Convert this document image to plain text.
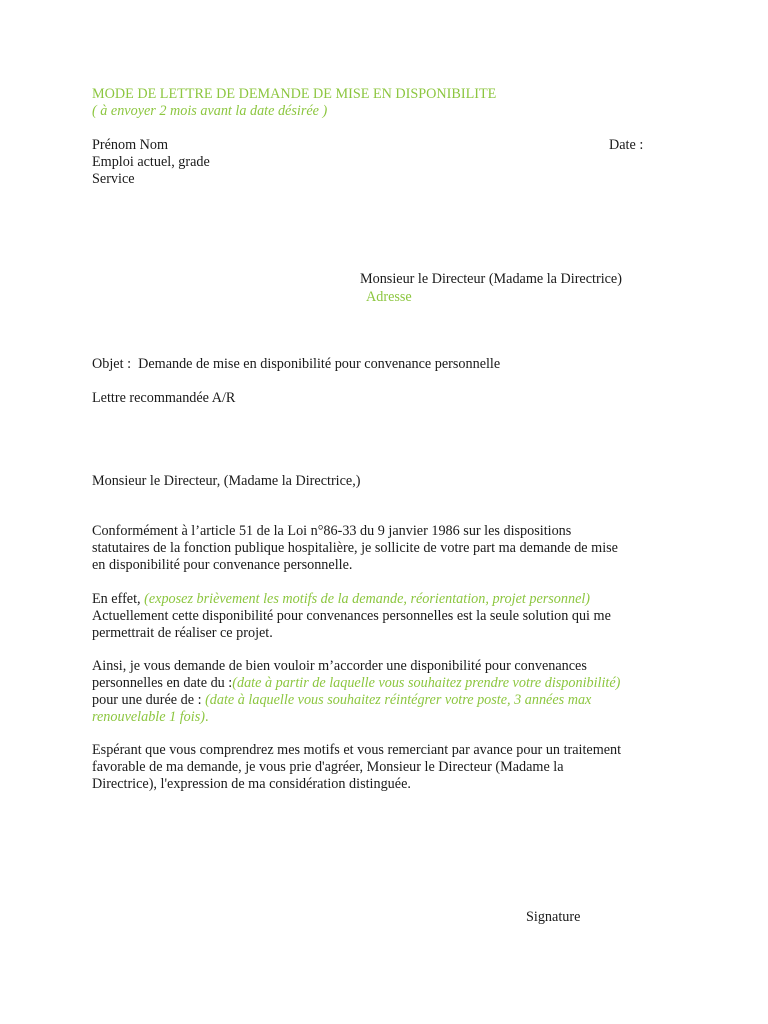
MODE DE LETTRE DE DEMANDE DE MISE EN DISPONIBILITE
( à envoyer 2 mois avant la date désirée )
Prénom Nom
Emploi actuel, grade
Service
Date :
Monsieur le Directeur (Madame la Directrice)
Adresse
Objet : Demande de mise en disponibilité pour convenance personnelle
Lettre recommandée A/R
Monsieur le Directeur, (Madame la Directrice,)
Conformément à l’article 51 de la Loi n°86-33 du 9 janvier 1986 sur les dispositions
statutaires de la fonction publique hospitalière, je sollicite de votre part ma demande de mise
en disponibilité pour convenance personnelle.
En effet, (exposez brièvement les motifs de la demande, réorientation, projet personnel)
Actuellement cette disponibilité pour convenances personnelles est la seule solution qui me
permettrait de réaliser ce projet.
Ainsi, je vous demande de bien vouloir m’accorder une disponibilité pour convenances
personnelles en date du :(date à partir de laquelle vous souhaitez prendre votre disponibilité)
pour une durée de : (date à laquelle vous souhaitez réintégrer votre poste, 3 années max
renouvelable 1 fois).
Espérant que vous comprendrez mes motifs et vous remerciant par avance pour un traitement
favorable de ma demande, je vous prie d'agréer, Monsieur le Directeur (Madame la
Directrice), l'expression de ma considération distinguée.
Signature
